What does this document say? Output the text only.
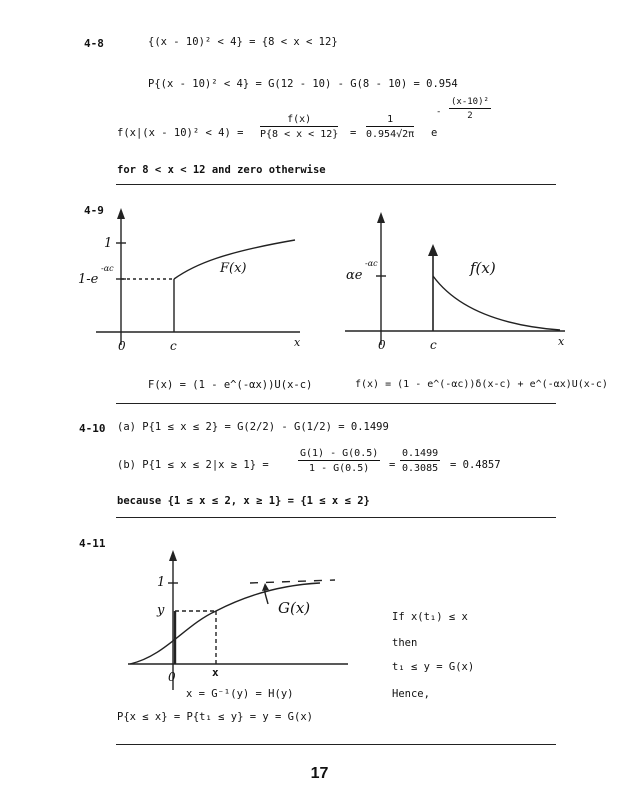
4-8	{(x - 10)² < 4} = {8 < x < 12}
P{(x - 10)² < 4} = G(12 - 10) - G(8 - 10) = 0.954
$f(x|(x - 10)^2 < 4) = \frac{f(x)}{P\{8 < x < 12\}} = \frac{1}{0.954√2\pi}$ e
- $\frac{\text{(x-10)²}}{2}$
for 8 < x < 12 and zero otherwise
4-9
1
1-e
-αc	F(x)
0	c	x
αe
-αc	f(x)
0	c	x
F(x) = (1 - e^(-αx))U(x-c)	f(x) = (1 - e^(-αc))δ(x-c) + e^(-αx)U(x-c)
4-10 (a) P{1 ≤ x ≤ 2} = G(2/2) - G(1/2) = 0.1499
(b) P{1 ≤ x ≤ 2|x ≥ 1} =	$\frac{G(1) - G(0.5)}{1 - G(0.5)} = \frac{0.1499}{0.3085} = 0.4857$
because {1 ≤ x ≤ 2, x ≥ 1} = {1 ≤ x ≤ 2}
4-11
1
y	G(x)
0	x
x = G⁻¹(y) = H(y)
If x(t₁) ≤ x
then
t₁ ≤ y = G(x)
Hence,
P{x ≤ x} = P{t₁ ≤ y} = y = G(x)
17
